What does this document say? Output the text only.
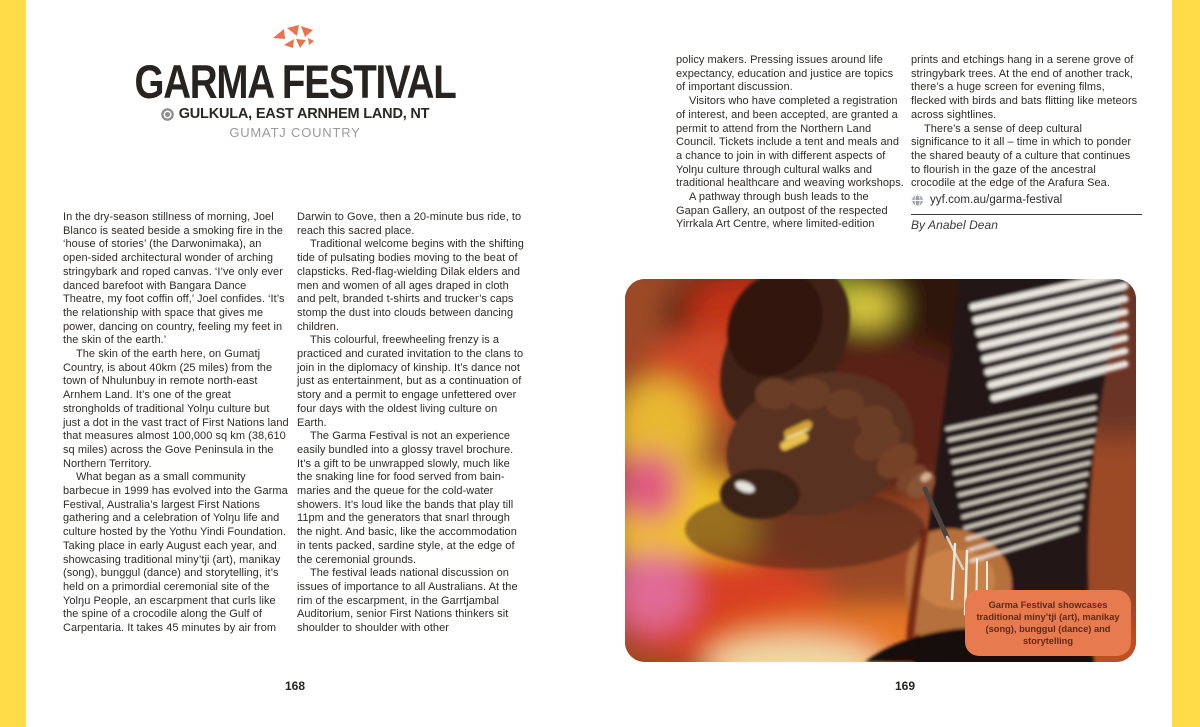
GARMA FESTIVAL
GULKULA, EAST ARNHEM LAND, NT
GUMATJ COUNTRY

In the dry-season stillness of morning, Joel Blanco is seated beside a smoking fire in the ‘house of stories’ (the Darwonimaka), an open-sided architectural wonder of arching stringybark and roped canvas. ‘I’ve only ever danced barefoot with Bangara Dance Theatre, my foot coffin off,’ Joel confides. ‘It’s the relationship with space that gives me power, dancing on country, feeling my feet in the skin of the earth.’

The skin of the earth here, on Gumatj Country, is about 40km (25 miles) from the town of Nhulunbuy in remote north-east Arnhem Land. It’s one of the great strongholds of traditional Yolŋu culture but just a dot in the vast tract of First Nations land that measures almost 100,000 sq km (38,610 sq miles) across the Gove Peninsula in the Northern Territory.

What began as a small community barbecue in 1999 has evolved into the Garma Festival, Australia’s largest First Nations gathering and a celebration of Yolŋu life and culture hosted by the Yothu Yindi Foundation. Taking place in early August each year, and showcasing traditional miny’tji (art), manikay (song), bunggul (dance) and storytelling, it’s held on a primordial ceremonial site of the Yolŋu People, an escarpment that curls like the spine of a crocodile along the Gulf of Carpentaria. It takes 45 minutes by air from

Darwin to Gove, then a 20-minute bus ride, to reach this sacred place.

Traditional welcome begins with the shifting tide of pulsating bodies moving to the beat of clapsticks. Red-flag-wielding Dilak elders and men and women of all ages draped in cloth and pelt, branded t-shirts and trucker’s caps stomp the dust into clouds between dancing children.

This colourful, freewheeling frenzy is a practiced and curated invitation to the clans to join in the diplomacy of kinship. It’s dance not just as entertainment, but as a continuation of story and a permit to engage unfettered over four days with the oldest living culture on Earth.

The Garma Festival is not an experience easily bundled into a glossy travel brochure. It’s a gift to be unwrapped slowly, much like the snaking line for food served from bain-maries and the queue for the cold-water showers. It’s loud like the bands that play till 11pm and the generators that snarl through the night. And basic, like the accommodation in tents packed, sardine style, at the edge of the ceremonial grounds.

The festival leads national discussion on issues of importance to all Australians. At the rim of the escarpment, in the Garrtjambal Auditorium, senior First Nations thinkers sit shoulder to shoulder with other

168

policy makers. Pressing issues around life expectancy, education and justice are topics of important discussion.

Visitors who have completed a registration of interest, and been accepted, are granted a permit to attend from the Northern Land Council. Tickets include a tent and meals and a chance to join in with different aspects of Yolŋu culture through cultural walks and traditional healthcare and weaving workshops.

A pathway through bush leads to the Gapan Gallery, an outpost of the respected Yirrkala Art Centre, where limited-edition

prints and etchings hang in a serene grove of stringybark trees. At the end of another track, there’s a huge screen for evening films, flecked with birds and bats flitting like meteors across sightlines.

There’s a sense of deep cultural significance to it all – time in which to ponder the shared beauty of a culture that continues to flourish in the gaze of the ancestral crocodile at the edge of the Arafura Sea.

yyf.com.au/garma-festival
By Anabel Dean
Garma Festival showcases traditional miny’tji (art), manikay (song), bunggul (dance) and storytelling
169
